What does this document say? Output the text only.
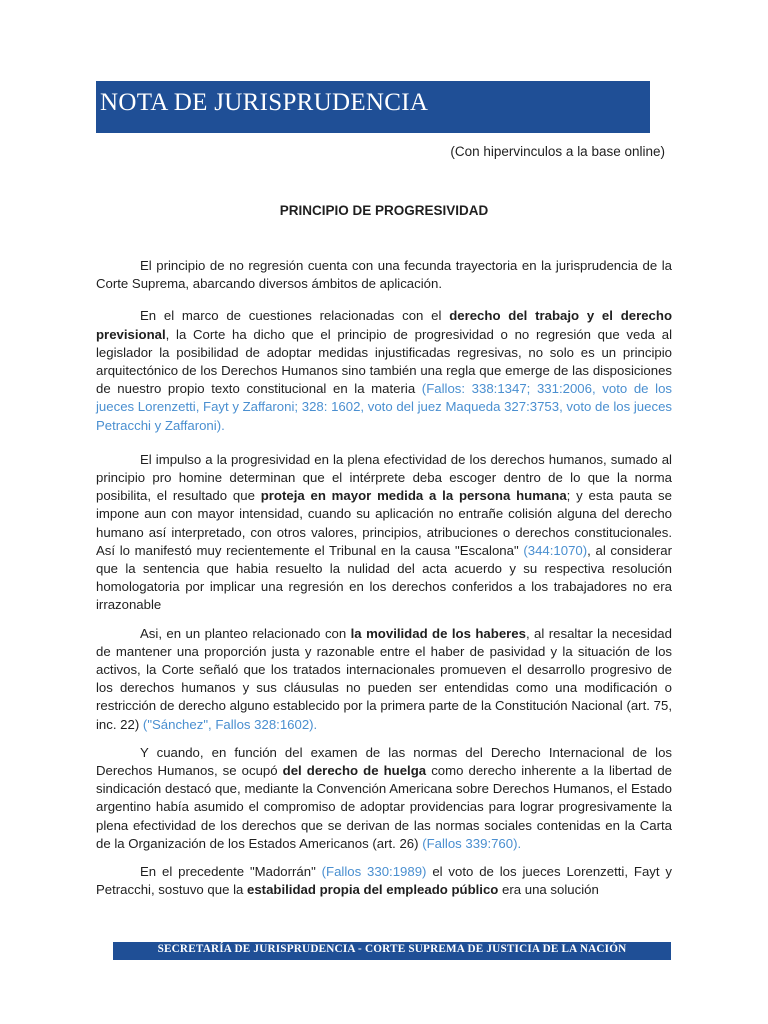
NOTA DE JURISPRUDENCIA
(Con hipervinculos a la base online)
PRINCIPIO DE PROGRESIVIDAD

El principio de no regresión cuenta con una fecunda trayectoria en la jurisprudencia de la Corte Suprema, abarcando diversos ámbitos de aplicación.

En el marco de cuestiones relacionadas con el derecho del trabajo y el derecho previsional, la Corte ha dicho que el principio de progresividad o no regresión que veda al legislador la posibilidad de adoptar medidas injustificadas regresivas, no solo es un principio arquitectónico de los Derechos Humanos sino también una regla que emerge de las disposiciones de nuestro propio texto constitucional en la materia (Fallos: 338:1347; 331:2006, voto de los jueces Lorenzetti, Fayt y Zaffaroni; 328: 1602, voto del juez Maqueda 327:3753, voto de los jueces Petracchi y Zaffaroni).

El impulso a la progresividad en la plena efectividad de los derechos humanos, sumado al principio pro homine determinan que el intérprete deba escoger dentro de lo que la norma posibilita, el resultado que proteja en mayor medida a la persona humana; y esta pauta se impone aun con mayor intensidad, cuando su aplicación no entrañe colisión alguna del derecho humano así interpretado, con otros valores, principios, atribuciones o derechos constitucionales. Así lo manifestó muy recientemente el Tribunal en la causa "Escalona" (344:1070), al considerar que la sentencia que habia resuelto la nulidad del acta acuerdo y su respectiva resolución homologatoria por implicar una regresión en los derechos conferidos a los trabajadores no era irrazonable

Asi, en un planteo relacionado con la movilidad de los haberes, al resaltar la necesidad de mantener una proporción justa y razonable entre el haber de pasividad y la situación de los activos, la Corte señaló que los tratados internacionales promueven el desarrollo progresivo de los derechos humanos y sus cláusulas no pueden ser entendidas como una modificación o restricción de derecho alguno establecido por la primera parte de la Constitución Nacional (art. 75, inc. 22) ("Sánchez", Fallos 328:1602).

Y cuando, en función del examen de las normas del Derecho Internacional de los Derechos Humanos, se ocupó del derecho de huelga como derecho inherente a la libertad de sindicación destacó que, mediante la Convención Americana sobre Derechos Humanos, el Estado argentino había asumido el compromiso de adoptar providencias para lograr progresivamente la plena efectividad de los derechos que se derivan de las normas sociales contenidas en la Carta de la Organización de los Estados Americanos (art. 26) (Fallos 339:760).

En el precedente "Madorrán" (Fallos 330:1989) el voto de los jueces Lorenzetti, Fayt y Petracchi, sostuvo que la estabilidad propia del empleado público era una solución

SECRETARÍA DE JURISPRUDENCIA - CORTE SUPREMA DE JUSTICIA DE LA NACIÓN
